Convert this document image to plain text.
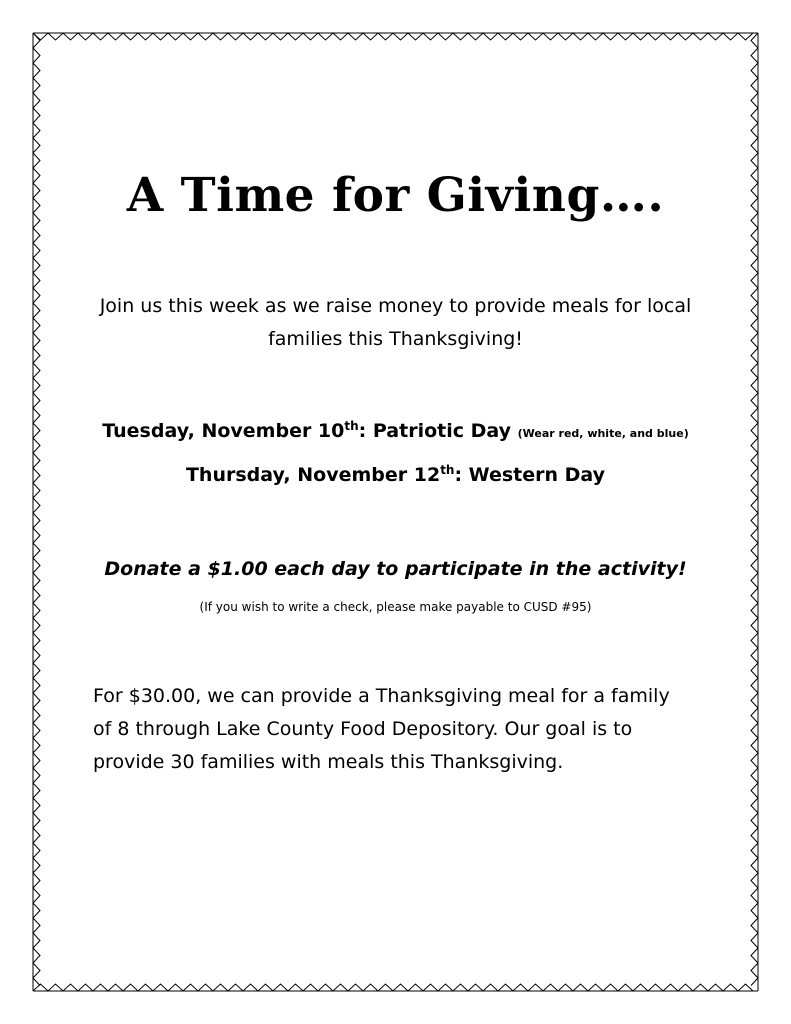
A Time for Giving….
Join us this week as we raise money to provide meals for local families this Thanksgiving!
Tuesday, November 10th: Patriotic Day (Wear red, white, and blue)
Thursday, November 12th: Western Day
Donate a $1.00 each day to participate in the activity!
(If you wish to write a check, please make payable to CUSD #95)
For $30.00, we can provide a Thanksgiving meal for a family of 8 through Lake County Food Depository. Our goal is to provide 30 families with meals this Thanksgiving.
